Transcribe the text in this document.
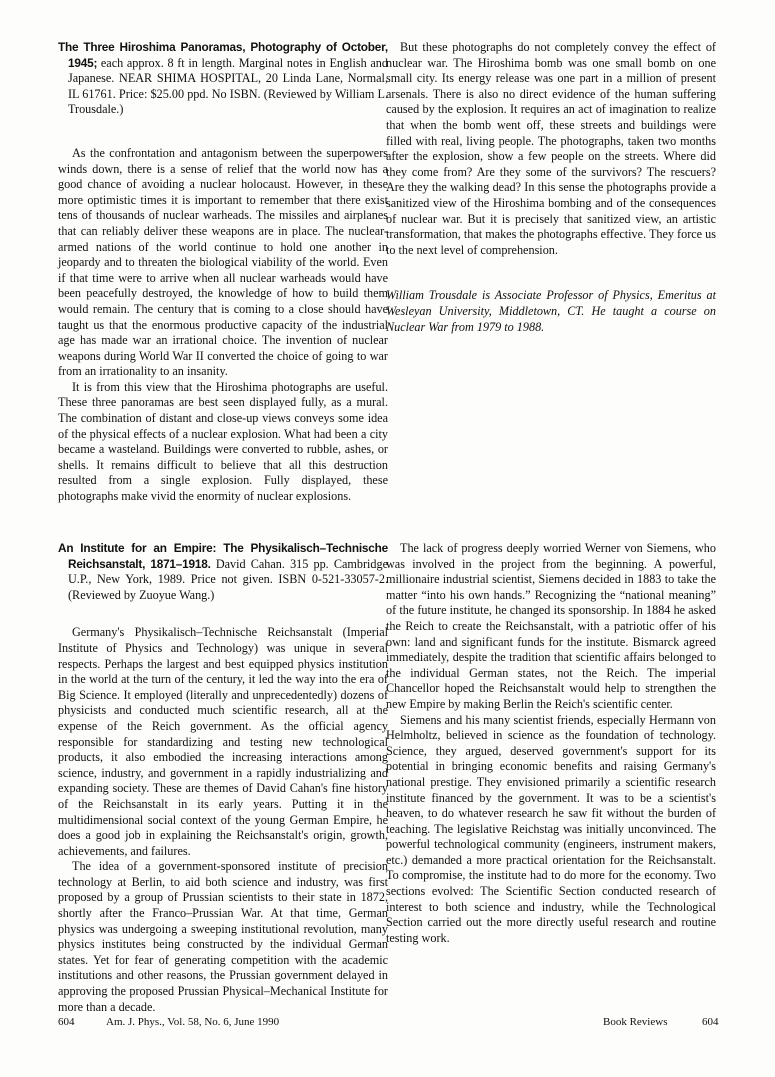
The Three Hiroshima Panoramas, Photography of October, 1945; each approx. 8 ft in length. Marginal notes in English and Japanese. NEAR SHIMA HOSPITAL, 20 Linda Lane, Normal, IL 61761. Price: $25.00 ppd. No ISBN. (Reviewed by William L. Trousdale.)

As the confrontation and antagonism between the superpowers winds down, there is a sense of relief that the world now has a good chance of avoiding a nuclear holocaust. However, in these more optimistic times it is important to remember that there exist tens of thousands of nuclear warheads. The missiles and airplanes that can reliably deliver these weapons are in place. The nuclear-armed nations of the world continue to hold one another in jeopardy and to threaten the biological viability of the world. Even if that time were to arrive when all nuclear warheads would have been peacefully destroyed, the knowledge of how to build them would remain. The century that is coming to a close should have taught us that the enormous productive capacity of the industrial age has made war an irrational choice. The invention of nuclear weapons during World War II converted the choice of going to war from an irrationality to an insanity.

It is from this view that the Hiroshima photographs are useful. These three panoramas are best seen displayed fully, as a mural. The combination of distant and close-up views conveys some idea of the physical effects of a nuclear explosion. What had been a city became a wasteland. Buildings were converted to rubble, ashes, or shells. It remains difficult to believe that all this destruction resulted from a single explosion. Fully displayed, these photographs make vivid the enormity of nuclear explosions.

But these photographs do not completely convey the effect of nuclear war. The Hiroshima bomb was one small bomb on one small city. Its energy release was one part in a million of present arsenals. There is also no direct evidence of the human suffering caused by the explosion. It requires an act of imagination to realize that when the bomb went off, these streets and buildings were filled with real, living people. The photographs, taken two months after the explosion, show a few people on the streets. Where did they come from? Are they some of the survivors? The rescuers? Are they the walking dead? In this sense the photographs provide a sanitized view of the Hiroshima bombing and of the consequences of nuclear war. But it is precisely that sanitized view, an artistic transformation, that makes the photographs effective. They force us to the next level of comprehension.

William Trousdale is Associate Professor of Physics, Emeritus at Wesleyan University, Middletown, CT. He taught a course on Nuclear War from 1979 to 1988.

An Institute for an Empire: The Physikalisch–Technische Reichsanstalt, 1871–1918. David Cahan. 315 pp. Cambridge U.P., New York, 1989. Price not given. ISBN 0-521-33057-2. (Reviewed by Zuoyue Wang.)

Germany's Physikalisch–Technische Reichsanstalt (Imperial Institute of Physics and Technology) was unique in several respects. Perhaps the largest and best equipped physics institution in the world at the turn of the century, it led the way into the era of Big Science. It employed (literally and unprecedentedly) dozens of physicists and conducted much scientific research, all at the expense of the Reich government. As the official agency responsible for standardizing and testing new technological products, it also embodied the increasing interactions among science, industry, and government in a rapidly industrializing and expanding society. These are themes of David Cahan's fine history of the Reichsanstalt in its early years. Putting it in the multidimensional social context of the young German Empire, he does a good job in explaining the Reichsanstalt's origin, growth, achievements, and failures.

The idea of a government-sponsored institute of precision technology at Berlin, to aid both science and industry, was first proposed by a group of Prussian scientists to their state in 1872, shortly after the Franco–Prussian War. At that time, German physics was undergoing a sweeping institutional revolution, many physics institutes being constructed by the individual German states. Yet for fear of generating competition with the academic institutions and other reasons, the Prussian government delayed in approving the proposed Prussian Physical–Mechanical Institute for more than a decade.

The lack of progress deeply worried Werner von Siemens, who was involved in the project from the beginning. A powerful, millionaire industrial scientist, Siemens decided in 1883 to take the matter “into his own hands.” Recognizing the “national meaning” of the future institute, he changed its sponsorship. In 1884 he asked the Reich to create the Reichsanstalt, with a patriotic offer of his own: land and significant funds for the institute. Bismarck agreed immediately, despite the tradition that scientific affairs belonged to the individual German states, not the Reich. The imperial Chancellor hoped the Reichsanstalt would help to strengthen the new Empire by making Berlin the Reich's scientific center.

Siemens and his many scientist friends, especially Hermann von Helmholtz, believed in science as the foundation of technology. Science, they argued, deserved government's support for its potential in bringing economic benefits and raising Germany's national prestige. They envisioned primarily a scientific research institute financed by the government. It was to be a scientist's heaven, to do whatever research he saw fit without the burden of teaching. The legislative Reichstag was initially unconvinced. The powerful technological community (engineers, instrument makers, etc.) demanded a more practical orientation for the Reichsanstalt. To compromise, the institute had to do more for the economy. Two sections evolved: The Scientific Section conducted research of interest to both science and industry, while the Technological Section carried out the more directly useful research and routine testing work.

604	Am. J. Phys., Vol. 58, No. 6, June 1990	Book Reviews	604
